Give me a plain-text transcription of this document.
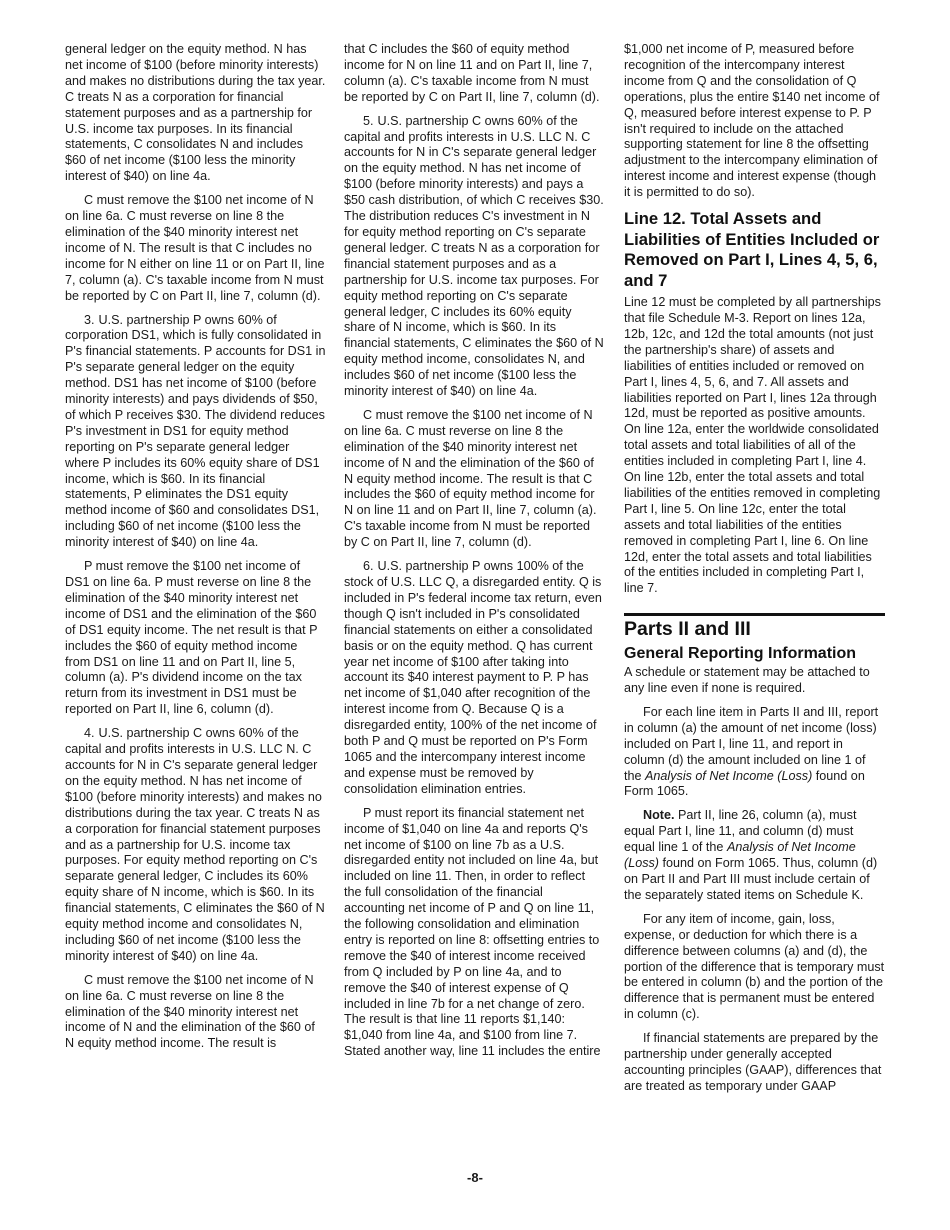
general ledger on the equity method. N has net income of $100 (before minority interests) and makes no distributions during the tax year. C treats N as a corporation for financial statement purposes and as a partnership for U.S. income tax purposes. In its financial statements, C consolidates N and includes $60 of net income ($100 less the minority interest of $40) on line 4a.

C must remove the $100 net income of N on line 6a. C must reverse on line 8 the elimination of the $40 minority interest net income of N. The result is that C includes no income for N either on line 11 or on Part II, line 7, column (a). C's taxable income from N must be reported by C on Part II, line 7, column (d).

3. U.S. partnership P owns 60% of corporation DS1, which is fully consolidated in P's financial statements. P accounts for DS1 in P's separate general ledger on the equity method. DS1 has net income of $100 (before minority interests) and pays dividends of $50, of which P receives $30. The dividend reduces P's investment in DS1 for equity method reporting on P's separate general ledger where P includes its 60% equity share of DS1 income, which is $60. In its financial statements, P eliminates the DS1 equity method income of $60 and consolidates DS1, including $60 of net income ($100 less the minority interest of $40) on line 4a.

P must remove the $100 net income of DS1 on line 6a. P must reverse on line 8 the elimination of the $40 minority interest net income of DS1 and the elimination of the $60 of DS1 equity income. The net result is that P includes the $60 of equity method income from DS1 on line 11 and on Part II, line 5, column (a). P's dividend income on the tax return from its investment in DS1 must be reported on Part II, line 6, column (d).

4. U.S. partnership C owns 60% of the capital and profits interests in U.S. LLC N. C accounts for N in C's separate general ledger on the equity method. N has net income of $100 (before minority interests) and makes no distributions during the tax year. C treats N as a corporation for financial statement purposes and as a partnership for U.S. income tax purposes. For equity method reporting on C's separate general ledger, C includes its 60% equity share of N income, which is $60. In its financial statements, C eliminates the $60 of N equity method income and consolidates N, including $60 of net income ($100 less the minority interest of $40) on line 4a.

C must remove the $100 net income of N on line 6a. C must reverse on line 8 the elimination of the $40 minority interest net income of N and the elimination of the $60 of N equity method income. The result is

that C includes the $60 of equity method income for N on line 11 and on Part II, line 7, column (a). C's taxable income from N must be reported by C on Part II, line 7, column (d).

5. U.S. partnership C owns 60% of the capital and profits interests in U.S. LLC N. C accounts for N in C's separate general ledger on the equity method. N has net income of $100 (before minority interests) and pays a $50 cash distribution, of which C receives $30. The distribution reduces C's investment in N for equity method reporting on C's separate general ledger. C treats N as a corporation for financial statement purposes and as a partnership for U.S. income tax purposes. For equity method reporting on C's separate general ledger, C includes its 60% equity share of N income, which is $60. In its financial statements, C eliminates the $60 of N equity method income, consolidates N, and includes $60 of net income ($100 less the minority interest of $40) on line 4a.

C must remove the $100 net income of N on line 6a. C must reverse on line 8 the elimination of the $40 minority interest net income of N and the elimination of the $60 of N equity method income. The result is that C includes the $60 of equity method income for N on line 11 and on Part II, line 7, column (a). C's taxable income from N must be reported by C on Part II, line 7, column (d).

6. U.S. partnership P owns 100% of the stock of U.S. LLC Q, a disregarded entity. Q is included in P's federal income tax return, even though Q isn't included in P's consolidated financial statements on either a consolidated basis or on the equity method. Q has current year net income of $100 after taking into account its $40 interest payment to P. P has net income of $1,040 after recognition of the interest income from Q. Because Q is a disregarded entity, 100% of the net income of both P and Q must be reported on P's Form 1065 and the intercompany interest income and expense must be removed by consolidation elimination entries.

P must report its financial statement net income of $1,040 on line 4a and reports Q's net income of $100 on line 7b as a U.S. disregarded entity not included on line 4a, but included on line 11. Then, in order to reflect the full consolidation of the financial accounting net income of P and Q on line 11, the following consolidation and elimination entry is reported on line 8: offsetting entries to remove the $40 of interest income received from Q included by P on line 4a, and to remove the $40 of interest expense of Q included in line 7b for a net change of zero. The result is that line 11 reports $1,140: $1,040 from line 4a, and $100 from line 7. Stated another way, line 11 includes the entire

$1,000 net income of P, measured before recognition of the intercompany interest income from Q and the consolidation of Q operations, plus the entire $140 net income of Q, measured before interest expense to P. P isn't required to include on the attached supporting statement for line 8 the offsetting adjustment to the intercompany elimination of interest income and interest expense (though it is permitted to do so).

Line 12. Total Assets and Liabilities of Entities Included or Removed on Part I, Lines 4, 5, 6, and 7

Line 12 must be completed by all partnerships that file Schedule M-3. Report on lines 12a, 12b, 12c, and 12d the total amounts (not just the partnership's share) of assets and liabilities of entities included or removed on Part I, lines 4, 5, 6, and 7. All assets and liabilities reported on Part I, lines 12a through 12d, must be reported as positive amounts. On line 12a, enter the worldwide consolidated total assets and total liabilities of all of the entities included in completing Part I, line 4. On line 12b, enter the total assets and total liabilities of the entities removed in completing Part I, line 5. On line 12c, enter the total assets and total liabilities of the entities removed in completing Part I, line 6. On line 12d, enter the total assets and total liabilities of the entities included in completing Part I, line 7.

Parts II and III
General Reporting Information

A schedule or statement may be attached to any line even if none is required.

For each line item in Parts II and III, report in column (a) the amount of net income (loss) included on Part I, line 11, and report in column (d) the amount included on line 1 of the Analysis of Net Income (Loss) found on Form 1065.

Note. Part II, line 26, column (a), must equal Part I, line 11, and column (d) must equal line 1 of the Analysis of Net Income (Loss) found on Form 1065. Thus, column (d) on Part II and Part III must include certain of the separately stated items on Schedule K.

For any item of income, gain, loss, expense, or deduction for which there is a difference between columns (a) and (d), the portion of the difference that is temporary must be entered in column (b) and the portion of the difference that is permanent must be entered in column (c).

If financial statements are prepared by the partnership under generally accepted accounting principles (GAAP), differences that are treated as temporary under GAAP

-8-
